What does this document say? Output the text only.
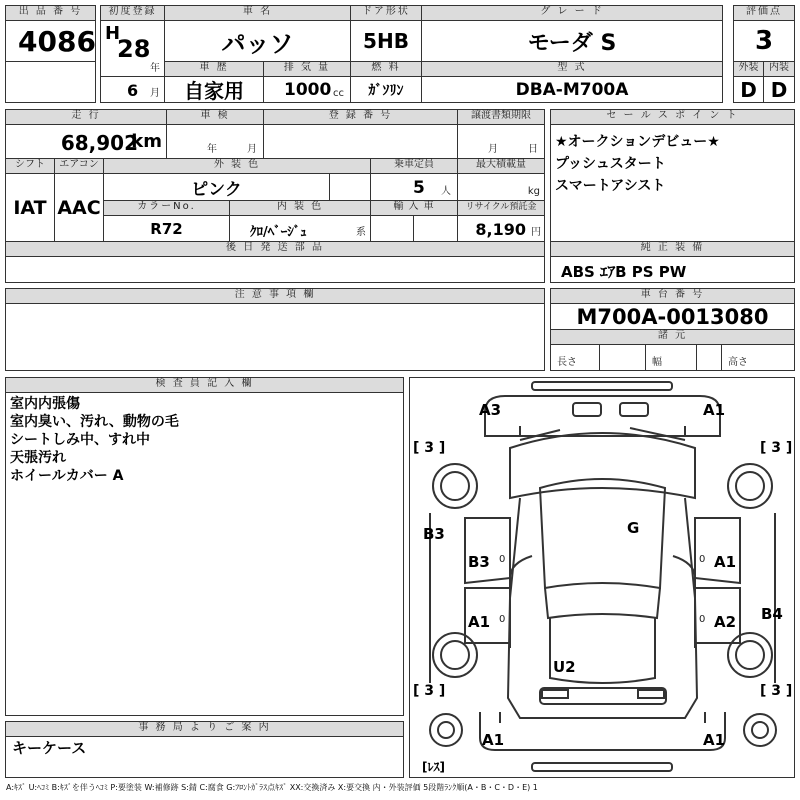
出 品 番 号
4086
初度登録
H
28
年
6 月
車 名
パッソ
ドア形状
5HB
グ レ ー ド
モーダ S
評価点
3
車 歴
自家用
排 気 量
1000 cc
燃 料
ｶﾞｿﾘﾝ
型 式
DBA-M700A
外装
D
内装
D
走 行
68,902
km
車 検
年	月
登 録 番 号	譲渡書類期限
月	日
シフト
IAT
エアコン
AAC
外 装 色
ピンク
乗車定員
5 人
最大積載量
kg
カラーNo.
R72
内 装 色
ｸﾛ/ﾍﾞｰｼﾞｭ	系
輸 入 車	リサイクル預託金
8,190 円
後 日 発 送 部 品
注 意 事 項 欄
セ ー ル ス ポ イ ン ト
★オークションデビュー★
プッシュスタート
スマートアシスト
純 正 装 備
ABS ｴｱB PS PW
車 台 番 号
M700A-0013080
諸 元
長さ	幅	高さ
検 査 員 記 入 欄
室内内張傷
室内臭い、汚れ、動物の毛
シートしみ中、すれ中
天張汚れ
ホイールカバー A
事 務 局 よ り ご 案 内
キーケース
A3	A1
G
B3
B3	A1
A1	A2 B4
U2
A1	A1
0	0
0	0
[ 3 ]	[ 3 ]
[ 3 ]	[ 3 ]
[ﾚｽ]
A:ｷｽﾞ U:ﾍｺﾐ B:ｷｽﾞを伴うﾍｺﾐ P:要塗装 W:補修跡 S:錆 C:腐食 G:ﾌﾛﾝﾄｶﾞﾗｽ点ｷｽﾞ XX:交換済み X:要交換 内・外装評価 5段階ﾗﾝｸ順(A・B・C・D・E) 1
